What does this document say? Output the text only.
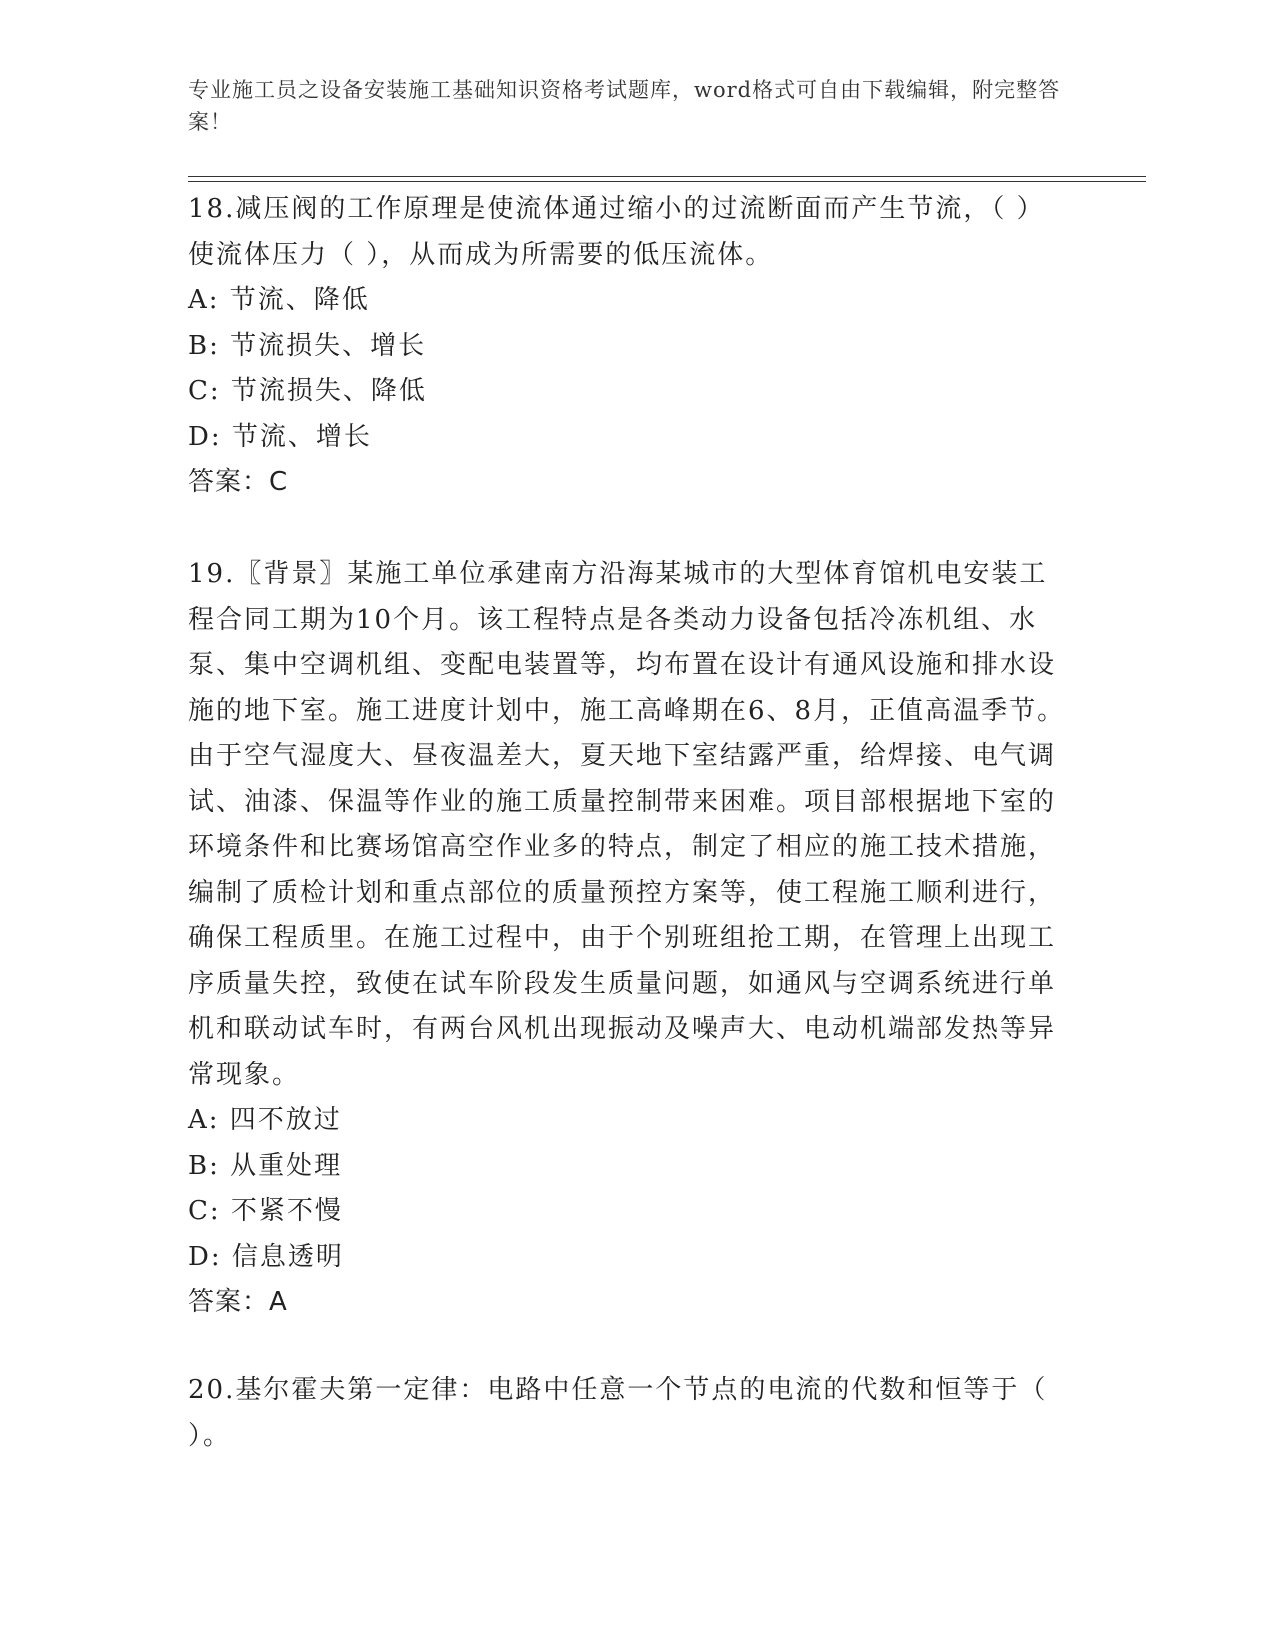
专业施工员之设备安装施工基础知识资格考试题库，word格式可自由下载编辑，附完整答案！

18.减压阀的工作原理是使流体通过缩小的过流断面而产生节流，（ ）使流体压力（ ），从而成为所需要的低压流体。

A: 节流、降低

B: 节流损失、增长

C: 节流损失、降低

D: 节流、增长

答案：C

19.〖背景〗某施工单位承建南方沿海某城市的大型体育馆机电安装工程合同工期为10个月。该工程特点是各类动力设备包括冷冻机组、水泵、集中空调机组、变配电装置等，均布置在设计有通风设施和排水设施的地下室。施工进度计划中，施工高峰期在6、8月，正值高温季节。由于空气湿度大、昼夜温差大，夏天地下室结露严重，给焊接、电气调试、油漆、保温等作业的施工质量控制带来困难。项目部根据地下室的环境条件和比赛场馆高空作业多的特点，制定了相应的施工技术措施，编制了质检计划和重点部位的质量预控方案等，使工程施工顺利进行，确保工程质里。在施工过程中，由于个别班组抢工期，在管理上出现工序质量失控，致使在试车阶段发生质量问题，如通风与空调系统进行单机和联动试车时，有两台风机出现振动及噪声大、电动机端部发热等异常现象。

A: 四不放过

B: 从重处理

C: 不紧不慢

D: 信息透明

答案：A

20.基尔霍夫第一定律：电路中任意一个节点的电流的代数和恒等于（ ）。
